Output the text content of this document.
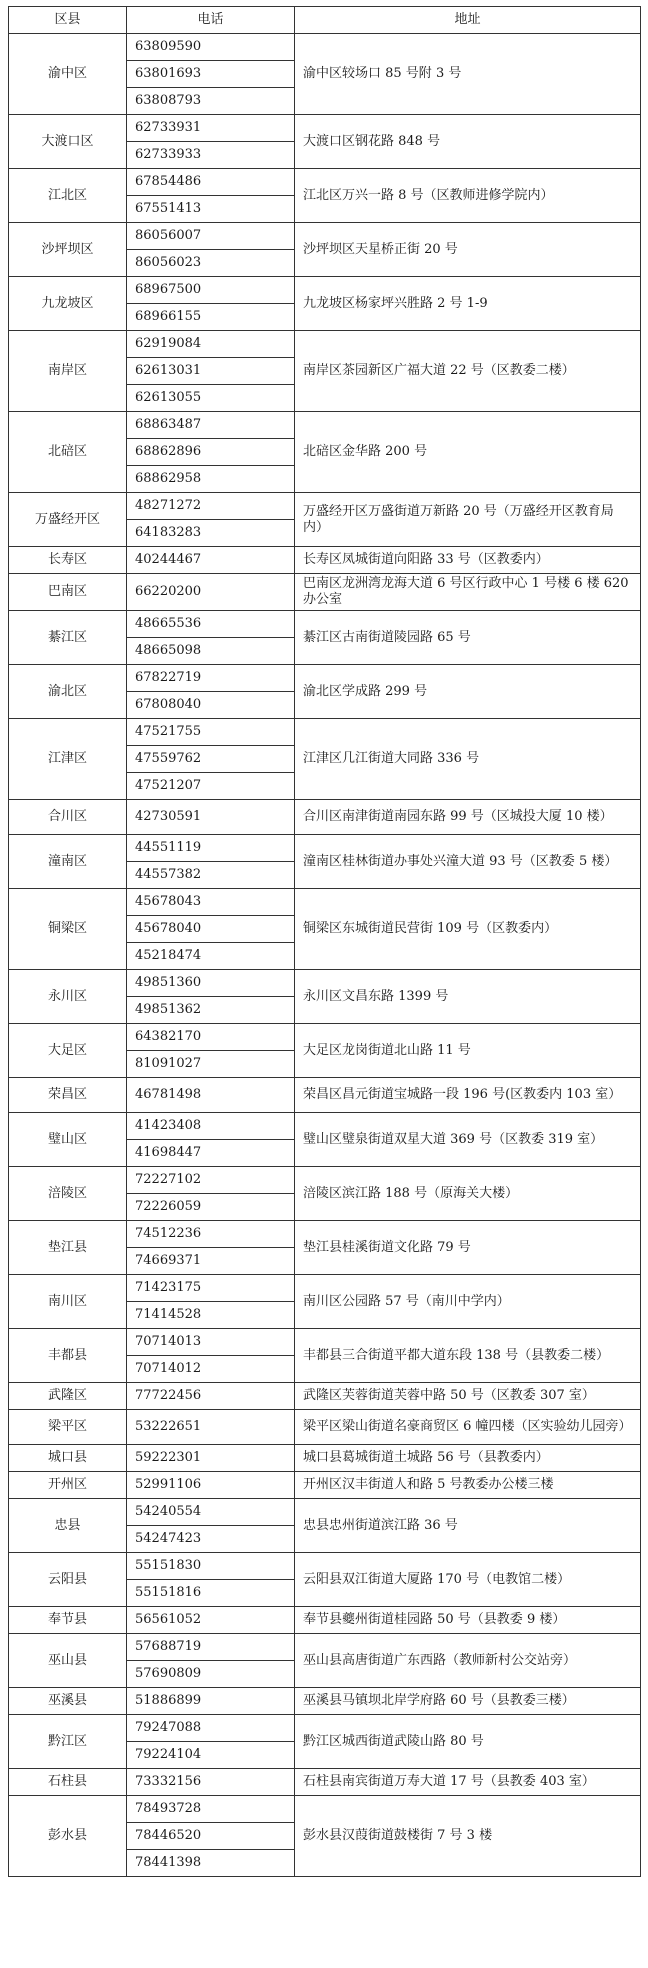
区县	电话	地址
渝中区	63809590	渝中区较场口 85 号附 3 号
	63801693	
	63808793	
大渡口区	62733931	大渡口区钢花路 848 号
	62733933	
江北区	67854486	江北区万兴一路 8 号（区教师进修学院内）
	67551413	
沙坪坝区	86056007	沙坪坝区天星桥正街 20 号
	86056023	
九龙坡区	68967500	九龙坡区杨家坪兴胜路 2 号 1-9
	68966155	
南岸区	62919084	南岸区茶园新区广福大道 22 号（区教委二楼）
	62613031	
	62613055	
北碚区	68863487	北碚区金华路 200 号
	68862896	
	68862958	
万盛经开区	48271272	万盛经开区万盛街道万新路 20 号（万盛经开区教育局内）
	64183283	
长寿区	40244467	长寿区凤城街道向阳路 33 号（区教委内）
巴南区	66220200	巴南区龙洲湾龙海大道 6 号区行政中心 1 号楼 6 楼 620 办公室
綦江区	48665536	綦江区古南街道陵园路 65 号
	48665098	
渝北区	67822719	渝北区学成路 299 号
	67808040	
江津区	47521755	江津区几江街道大同路 336 号
	47559762	
	47521207	
合川区	42730591	合川区南津街道南园东路 99 号（区城投大厦 10 楼）
潼南区	44551119	潼南区桂林街道办事处兴潼大道 93 号（区教委 5 楼）
	44557382	
铜梁区	45678043	铜梁区东城街道民营街 109 号（区教委内）
	45678040	
	45218474	
永川区	49851360	永川区文昌东路 1399 号
	49851362	
大足区	64382170	大足区龙岗街道北山路 11 号
	81091027	
荣昌区	46781498	荣昌区昌元街道宝城路一段 196 号(区教委内 103 室）
璧山区	41423408	璧山区璧泉街道双星大道 369 号（区教委 319 室）
	41698447	
涪陵区	72227102	涪陵区滨江路 188 号（原海关大楼）
	72226059	
垫江县	74512236	垫江县桂溪街道文化路 79 号
	74669371	
南川区	71423175	南川区公园路 57 号（南川中学内）
	71414528	
丰都县	70714013	丰都县三合街道平都大道东段 138 号（县教委二楼）
	70714012	
武隆区	77722456	武隆区芙蓉街道芙蓉中路 50 号（区教委 307 室）
梁平区	53222651	梁平区梁山街道名豪商贸区 6 幢四楼（区实验幼儿园旁）
城口县	59222301	城口县葛城街道土城路 56 号（县教委内）
开州区	52991106	开州区汉丰街道人和路 5 号教委办公楼三楼
忠县	54240554	忠县忠州街道滨江路 36 号
	54247423	
云阳县	55151830	云阳县双江街道大厦路 170 号（电教馆二楼）
	55151816	
奉节县	56561052	奉节县夔州街道桂园路 50 号（县教委 9 楼）
巫山县	57688719	巫山县高唐街道广东西路（教师新村公交站旁）
	57690809	
巫溪县	51886899	巫溪县马镇坝北岸学府路 60 号（县教委三楼）
黔江区	79247088	黔江区城西街道武陵山路 80 号
	79224104	
石柱县	73332156	石柱县南宾街道万寿大道 17 号（县教委 403 室）
彭水县	78493728	彭水县汉葭街道鼓楼街 7 号 3 楼
	78446520	
	78441398	
